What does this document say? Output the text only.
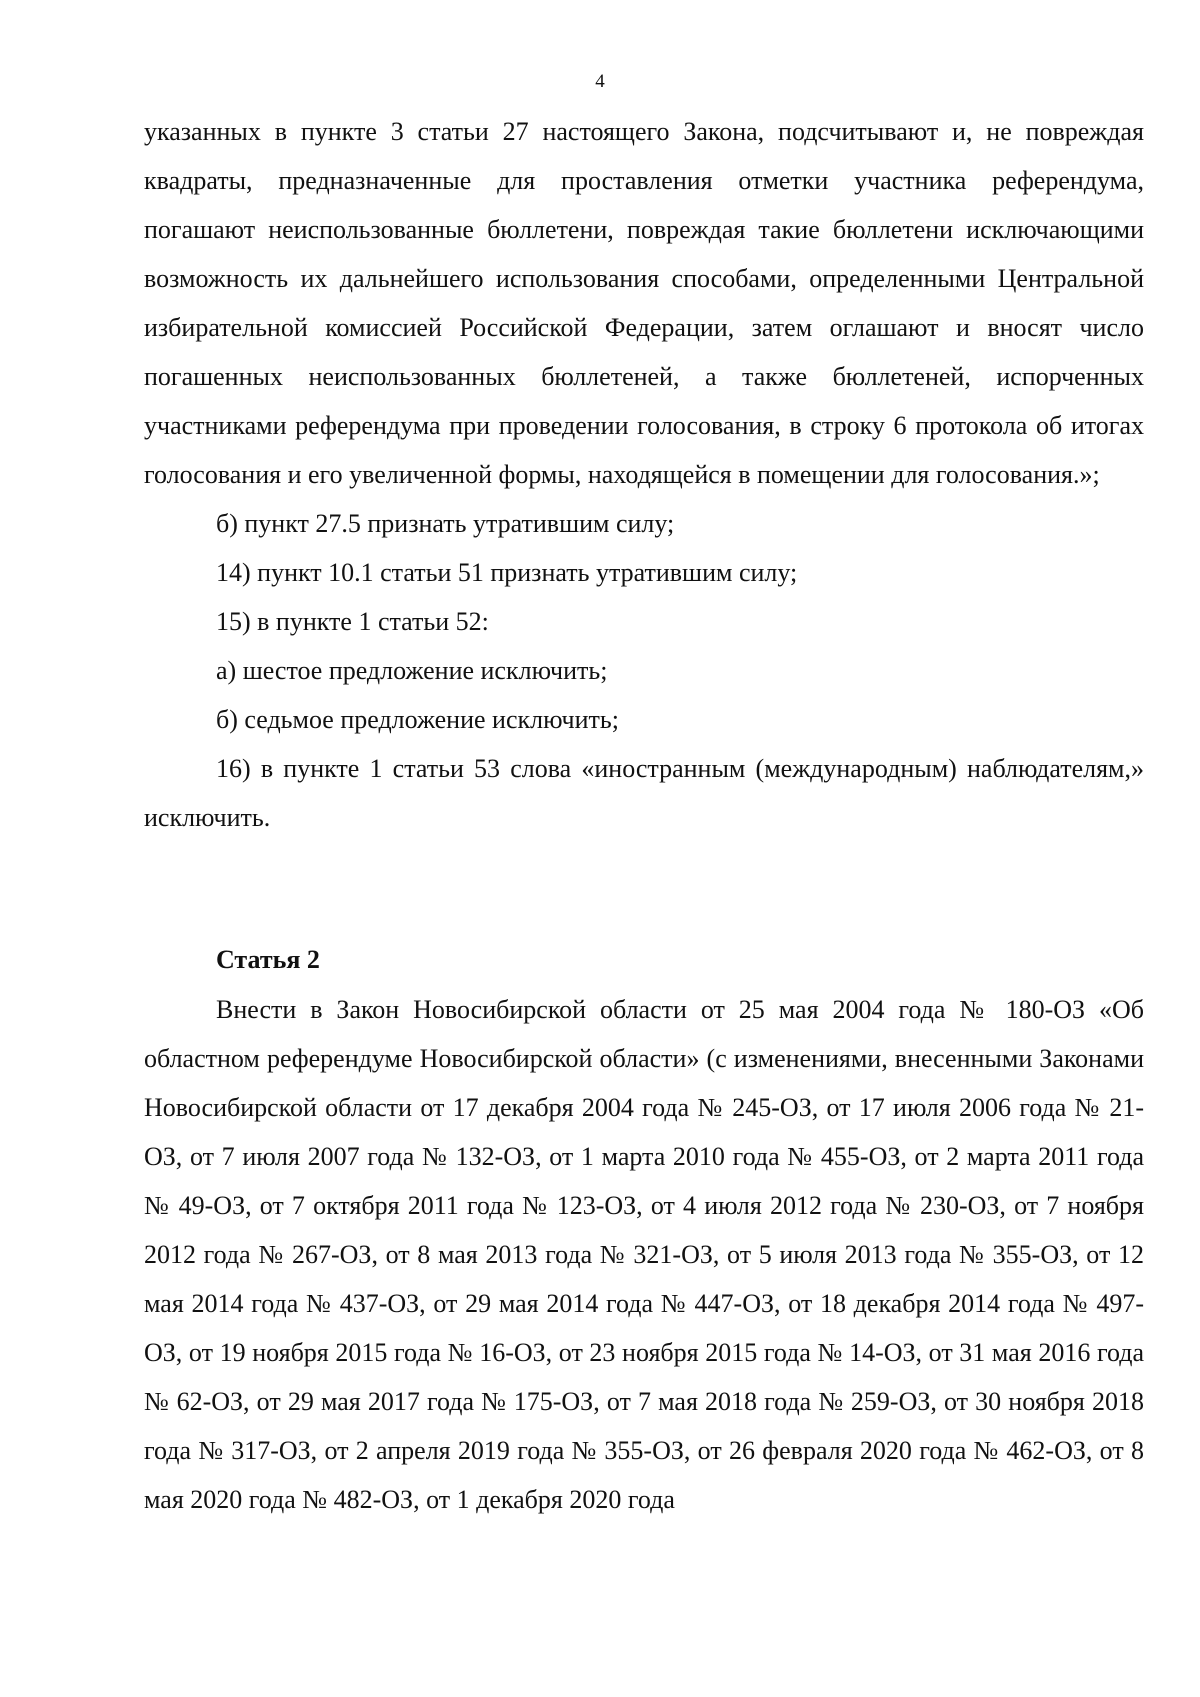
4

указанных в пункте 3 статьи 27 настоящего Закона, подсчитывают и, не повреждая квадраты, предназначенные для проставления отметки участника референдума, погашают неиспользованные бюллетени, повреждая такие бюллетени исключающими возможность их дальнейшего использования способами, определенными Центральной избирательной комиссией Российской Федерации, затем оглашают и вносят число погашенных неиспользованных бюллетеней, а также бюллетеней, испорченных участниками референдума при проведении голосования, в строку 6 протокола об итогах голосования и его увеличенной формы, находящейся в помещении для голосования.»;

б) пункт 27.5 признать утратившим силу;

14) пункт 10.1 статьи 51 признать утратившим силу;

15) в пункте 1 статьи 52:

а) шестое предложение исключить;

б) седьмое предложение исключить;

16) в пункте 1 статьи 53 слова «иностранным (международным) наблюдателям,» исключить.

Статья 2

Внести в Закон Новосибирской области от 25 мая 2004 года № 180-ОЗ «Об областном референдуме Новосибирской области» (с изменениями, внесенными Законами Новосибирской области от 17 декабря 2004 года № 245-ОЗ, от 17 июля 2006 года № 21-ОЗ, от 7 июля 2007 года № 132-ОЗ, от 1 марта 2010 года № 455-ОЗ, от 2 марта 2011 года № 49-ОЗ, от 7 октября 2011 года № 123-ОЗ, от 4 июля 2012 года № 230-ОЗ, от 7 ноября 2012 года № 267-ОЗ, от 8 мая 2013 года № 321-ОЗ, от 5 июля 2013 года № 355-ОЗ, от 12 мая 2014 года № 437-ОЗ, от 29 мая 2014 года № 447-ОЗ, от 18 декабря 2014 года № 497-ОЗ, от 19 ноября 2015 года № 16-ОЗ, от 23 ноября 2015 года № 14-ОЗ, от 31 мая 2016 года № 62-ОЗ, от 29 мая 2017 года № 175-ОЗ, от 7 мая 2018 года № 259-ОЗ, от 30 ноября 2018 года № 317-ОЗ, от 2 апреля 2019 года № 355-ОЗ, от 26 февраля 2020 года № 462-ОЗ, от 8 мая 2020 года № 482-ОЗ, от 1 декабря 2020 года
